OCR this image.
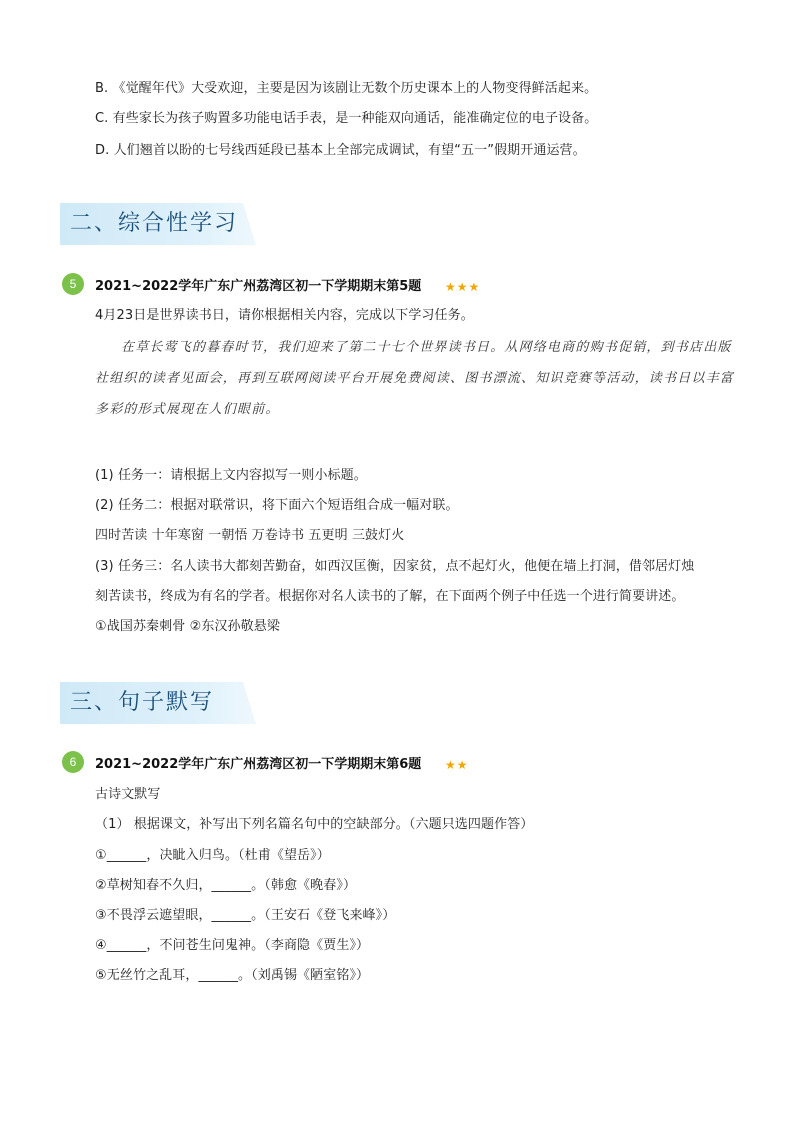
B. 《觉醒年代》大受欢迎，主要是因为该剧让无数个历史课本上的人物变得鲜活起来。
C. 有些家长为孩子购置多功能电话手表，是一种能双向通话，能准确定位的电子设备。
D. 人们翘首以盼的七号线西延段已基本上全部完成调试，有望“五一”假期开通运营。
二、综合性学习
5	2021~2022学年广东广州荔湾区初一下学期期末第5题 ★★★
4月23日是世界读书日，请你根据相关内容，完成以下学习任务。
在草长莺飞的暮春时节，我们迎来了第二十七个世界读书日。从网络电商的购书促销，到书店出版
社组织的读者见面会，再到互联网阅读平台开展免费阅读、图书漂流、知识竞赛等活动，读书日以丰富
多彩的形式展现在人们眼前。
(1) 任务一：请根据上文内容拟写一则小标题。
(2) 任务二：根据对联常识，将下面六个短语组合成一幅对联。
四时苦读 十年寒窗 一朝悟 万卷诗书 五更明 三鼓灯火
(3) 任务三：名人读书大都刻苦勤奋，如西汉匡衡，因家贫，点不起灯火，他便在墙上打洞，借邻居灯烛
刻苦读书，终成为有名的学者。根据你对名人读书的了解，在下面两个例子中任选一个进行简要讲述。
①战国苏秦刺骨 ②东汉孙敬悬梁
三、句子默写
6	2021~2022学年广东广州荔湾区初一下学期期末第6题 ★★
古诗文默写
（1） 根据课文，补写出下列名篇名句中的空缺部分。（六题只选四题作答）
①______，决眦入归鸟。（杜甫《望岳》）
②草树知春不久归，______。（韩愈《晚春》）
③不畏浮云遮望眼，______。（王安石《登飞来峰》）
④______，不问苍生问鬼神。（李商隐《贾生》）
⑤无丝竹之乱耳，______。（刘禹锡《陋室铭》）
